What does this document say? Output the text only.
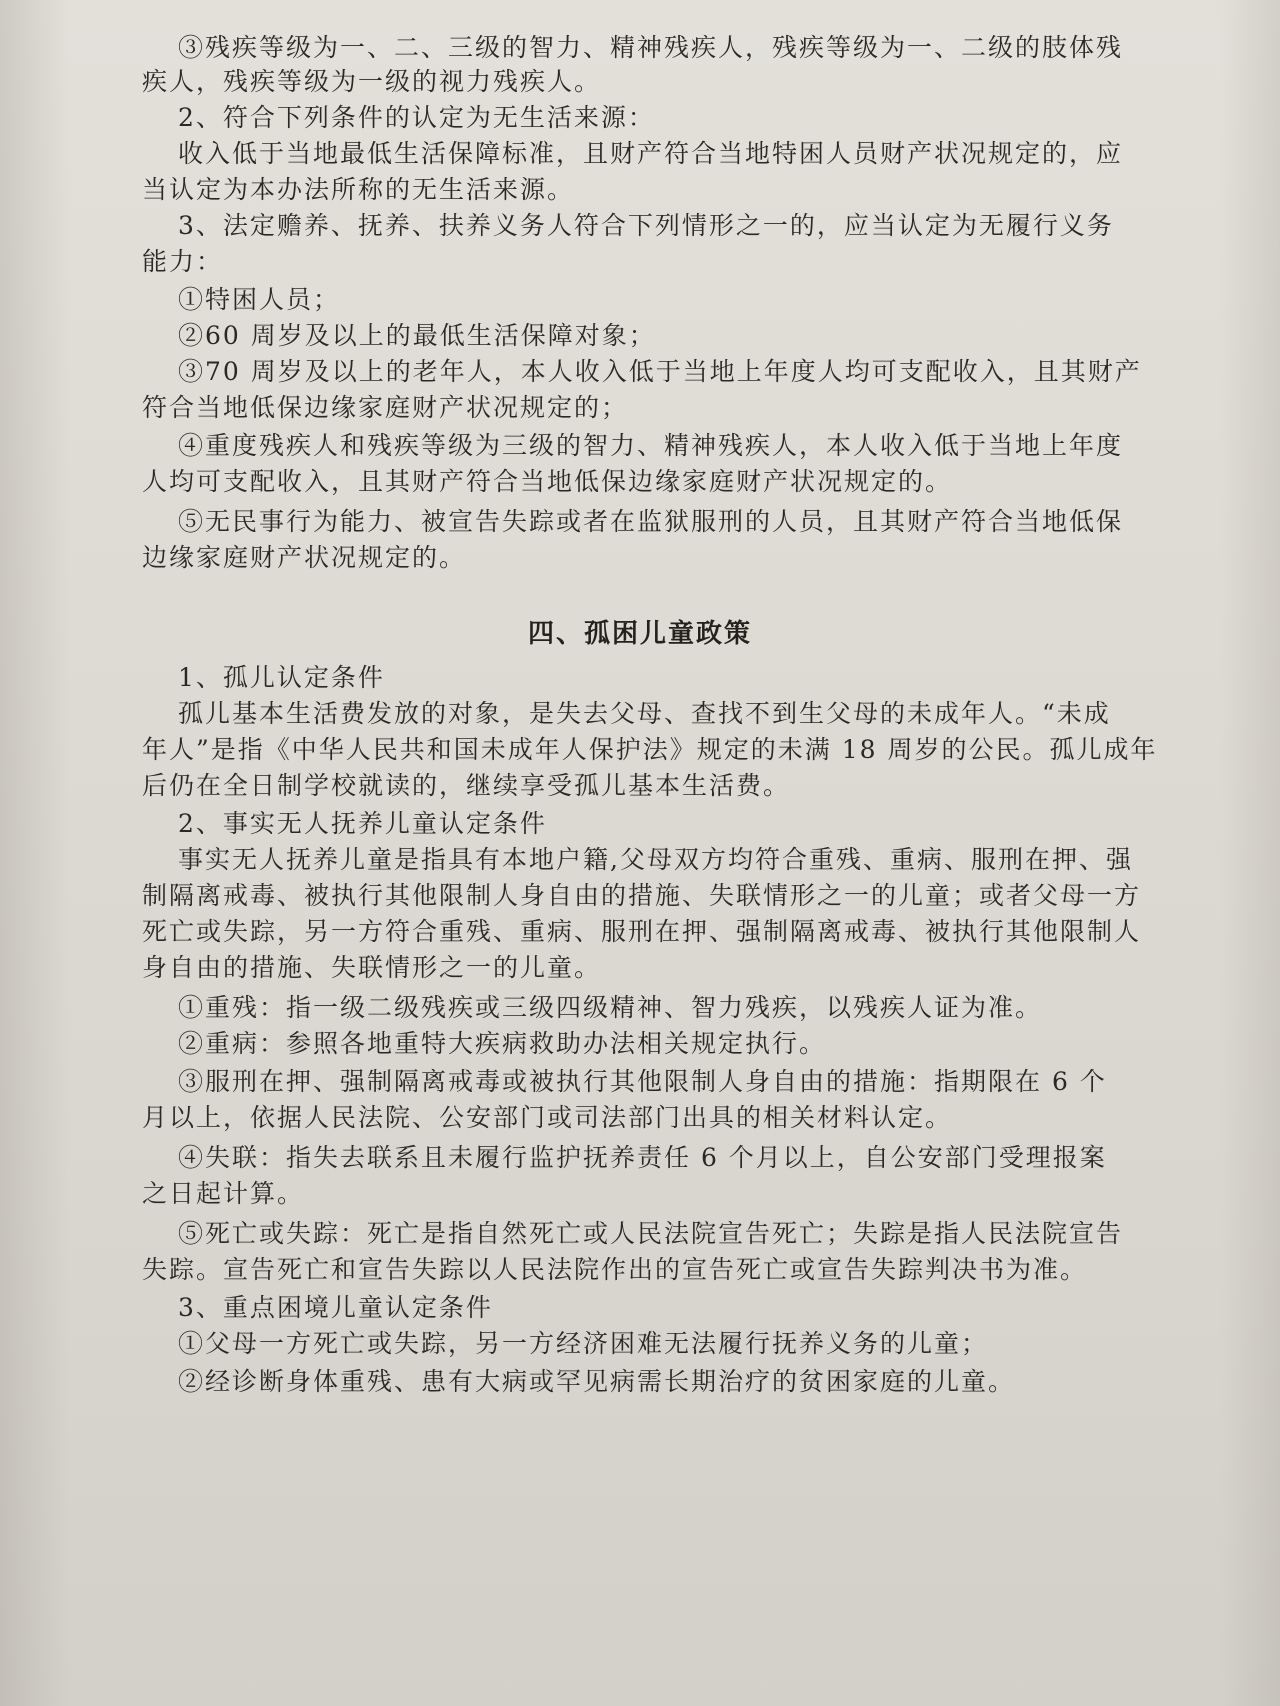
③残疾等级为一、二、三级的智力、精神残疾人，残疾等级为一、二级的肢体残
疾人，残疾等级为一级的视力残疾人。
2、符合下列条件的认定为无生活来源：
收入低于当地最低生活保障标准，且财产符合当地特困人员财产状况规定的，应
当认定为本办法所称的无生活来源。
3、法定赡养、抚养、扶养义务人符合下列情形之一的，应当认定为无履行义务
能力：
①特困人员；
②60 周岁及以上的最低生活保障对象；
③70 周岁及以上的老年人，本人收入低于当地上年度人均可支配收入，且其财产
符合当地低保边缘家庭财产状况规定的；
④重度残疾人和残疾等级为三级的智力、精神残疾人，本人收入低于当地上年度
人均可支配收入，且其财产符合当地低保边缘家庭财产状况规定的。
⑤无民事行为能力、被宣告失踪或者在监狱服刑的人员，且其财产符合当地低保
边缘家庭财产状况规定的。
四、孤困儿童政策
1、孤儿认定条件
孤儿基本生活费发放的对象，是失去父母、查找不到生父母的未成年人。“未成
年人”是指《中华人民共和国未成年人保护法》规定的未满 18 周岁的公民。孤儿成年
后仍在全日制学校就读的，继续享受孤儿基本生活费。
2、事实无人抚养儿童认定条件
事实无人抚养儿童是指具有本地户籍,父母双方均符合重残、重病、服刑在押、强
制隔离戒毒、被执行其他限制人身自由的措施、失联情形之一的儿童；或者父母一方
死亡或失踪，另一方符合重残、重病、服刑在押、强制隔离戒毒、被执行其他限制人
身自由的措施、失联情形之一的儿童。
①重残：指一级二级残疾或三级四级精神、智力残疾，以残疾人证为准。
②重病：参照各地重特大疾病救助办法相关规定执行。
③服刑在押、强制隔离戒毒或被执行其他限制人身自由的措施：指期限在 6 个
月以上，依据人民法院、公安部门或司法部门出具的相关材料认定。
④失联：指失去联系且未履行监护抚养责任 6 个月以上，自公安部门受理报案
之日起计算。
⑤死亡或失踪：死亡是指自然死亡或人民法院宣告死亡；失踪是指人民法院宣告
失踪。宣告死亡和宣告失踪以人民法院作出的宣告死亡或宣告失踪判决书为准。
3、重点困境儿童认定条件
①父母一方死亡或失踪，另一方经济困难无法履行抚养义务的儿童；
②经诊断身体重残、患有大病或罕见病需长期治疗的贫困家庭的儿童。
